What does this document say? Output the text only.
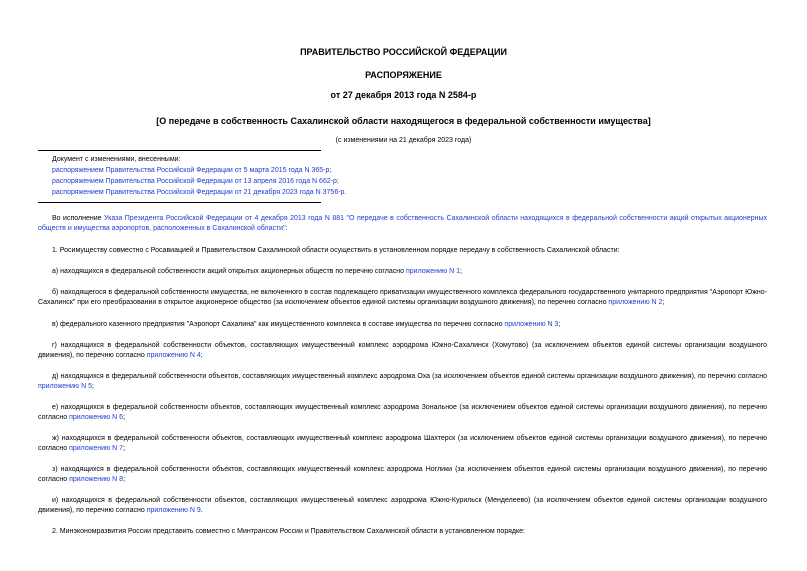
ПРАВИТЕЛЬСТВО РОССИЙСКОЙ ФЕДЕРАЦИИ
РАСПОРЯЖЕНИЕ
от 27 декабря 2013 года N 2584-р
[О передаче в собственность Сахалинской области находящегося в федеральной собственности имущества]
(с изменениями на 21 декабря 2023 года)
Документ с изменениями, внесенными:
распоряжением Правительства Российской Федерации от 5 марта 2015 года N 365-р;
распоряжением Правительства Российской Федерации от 13 апреля 2016 года N 662-р;
распоряжением Правительства Российской Федерации от 21 декабря 2023 года N 3756-р.
Во исполнение Указа Президента Российской Федерации от 4 декабря 2013 года N 881 "О передаче в собственность Сахалинской области находящихся в федеральной собственности акций открытых акционерных обществ и имущества аэропортов, расположенных в Сахалинской области":
1. Росимуществу совместно с Росавиацией и Правительством Сахалинской области осуществить в установленном порядке передачу в собственность Сахалинской области:
а) находящихся в федеральной собственности акций открытых акционерных обществ по перечню согласно приложению N 1;
б) находящегося в федеральной собственности имущества, не включенного в состав подлежащего приватизации имущественного комплекса федерального государственного унитарного предприятия "Аэропорт Южно-Сахалинск" при его преобразовании в открытое акционерное общество (за исключением объектов единой системы организации воздушного движения), по перечню согласно приложению N 2;
в) федерального казенного предприятия "Аэропорт Сахалина" как имущественного комплекса в составе имущества по перечню согласно приложению N 3;
г) находящихся в федеральной собственности объектов, составляющих имущественный комплекс аэродрома Южно-Сахалинск (Хомутово) (за исключением объектов единой системы организации воздушного движения), по перечню согласно приложению N 4;
д) находящихся в федеральной собственности объектов, составляющих имущественный комплекс аэродрома Оха (за исключением объектов единой системы организации воздушного движения), по перечню согласно приложению N 5;
е) находящихся в федеральной собственности объектов, составляющих имущественный комплекс аэродрома Зональное (за исключением объектов единой системы организации воздушного движения), по перечню согласно приложению N 6;
ж) находящихся в федеральной собственности объектов, составляющих имущественный комплекс аэродрома Шахтерск (за исключением объектов единой системы организации воздушного движения), по перечню согласно приложению N 7;
з) находящихся в федеральной собственности объектов, составляющих имущественный комплекс аэродрома Ноглики (за исключением объектов единой системы организации воздушного движения), по перечню согласно приложению N 8;
и) находящихся в федеральной собственности объектов, составляющих имущественный комплекс аэродрома Южно-Курильск (Менделеево) (за исключением объектов единой системы организации воздушного движения), по перечню согласно приложению N 9.
2. Минэкономразвития России представить совместно с Минтрансом России и Правительством Сахалинской области в установленном порядке:
